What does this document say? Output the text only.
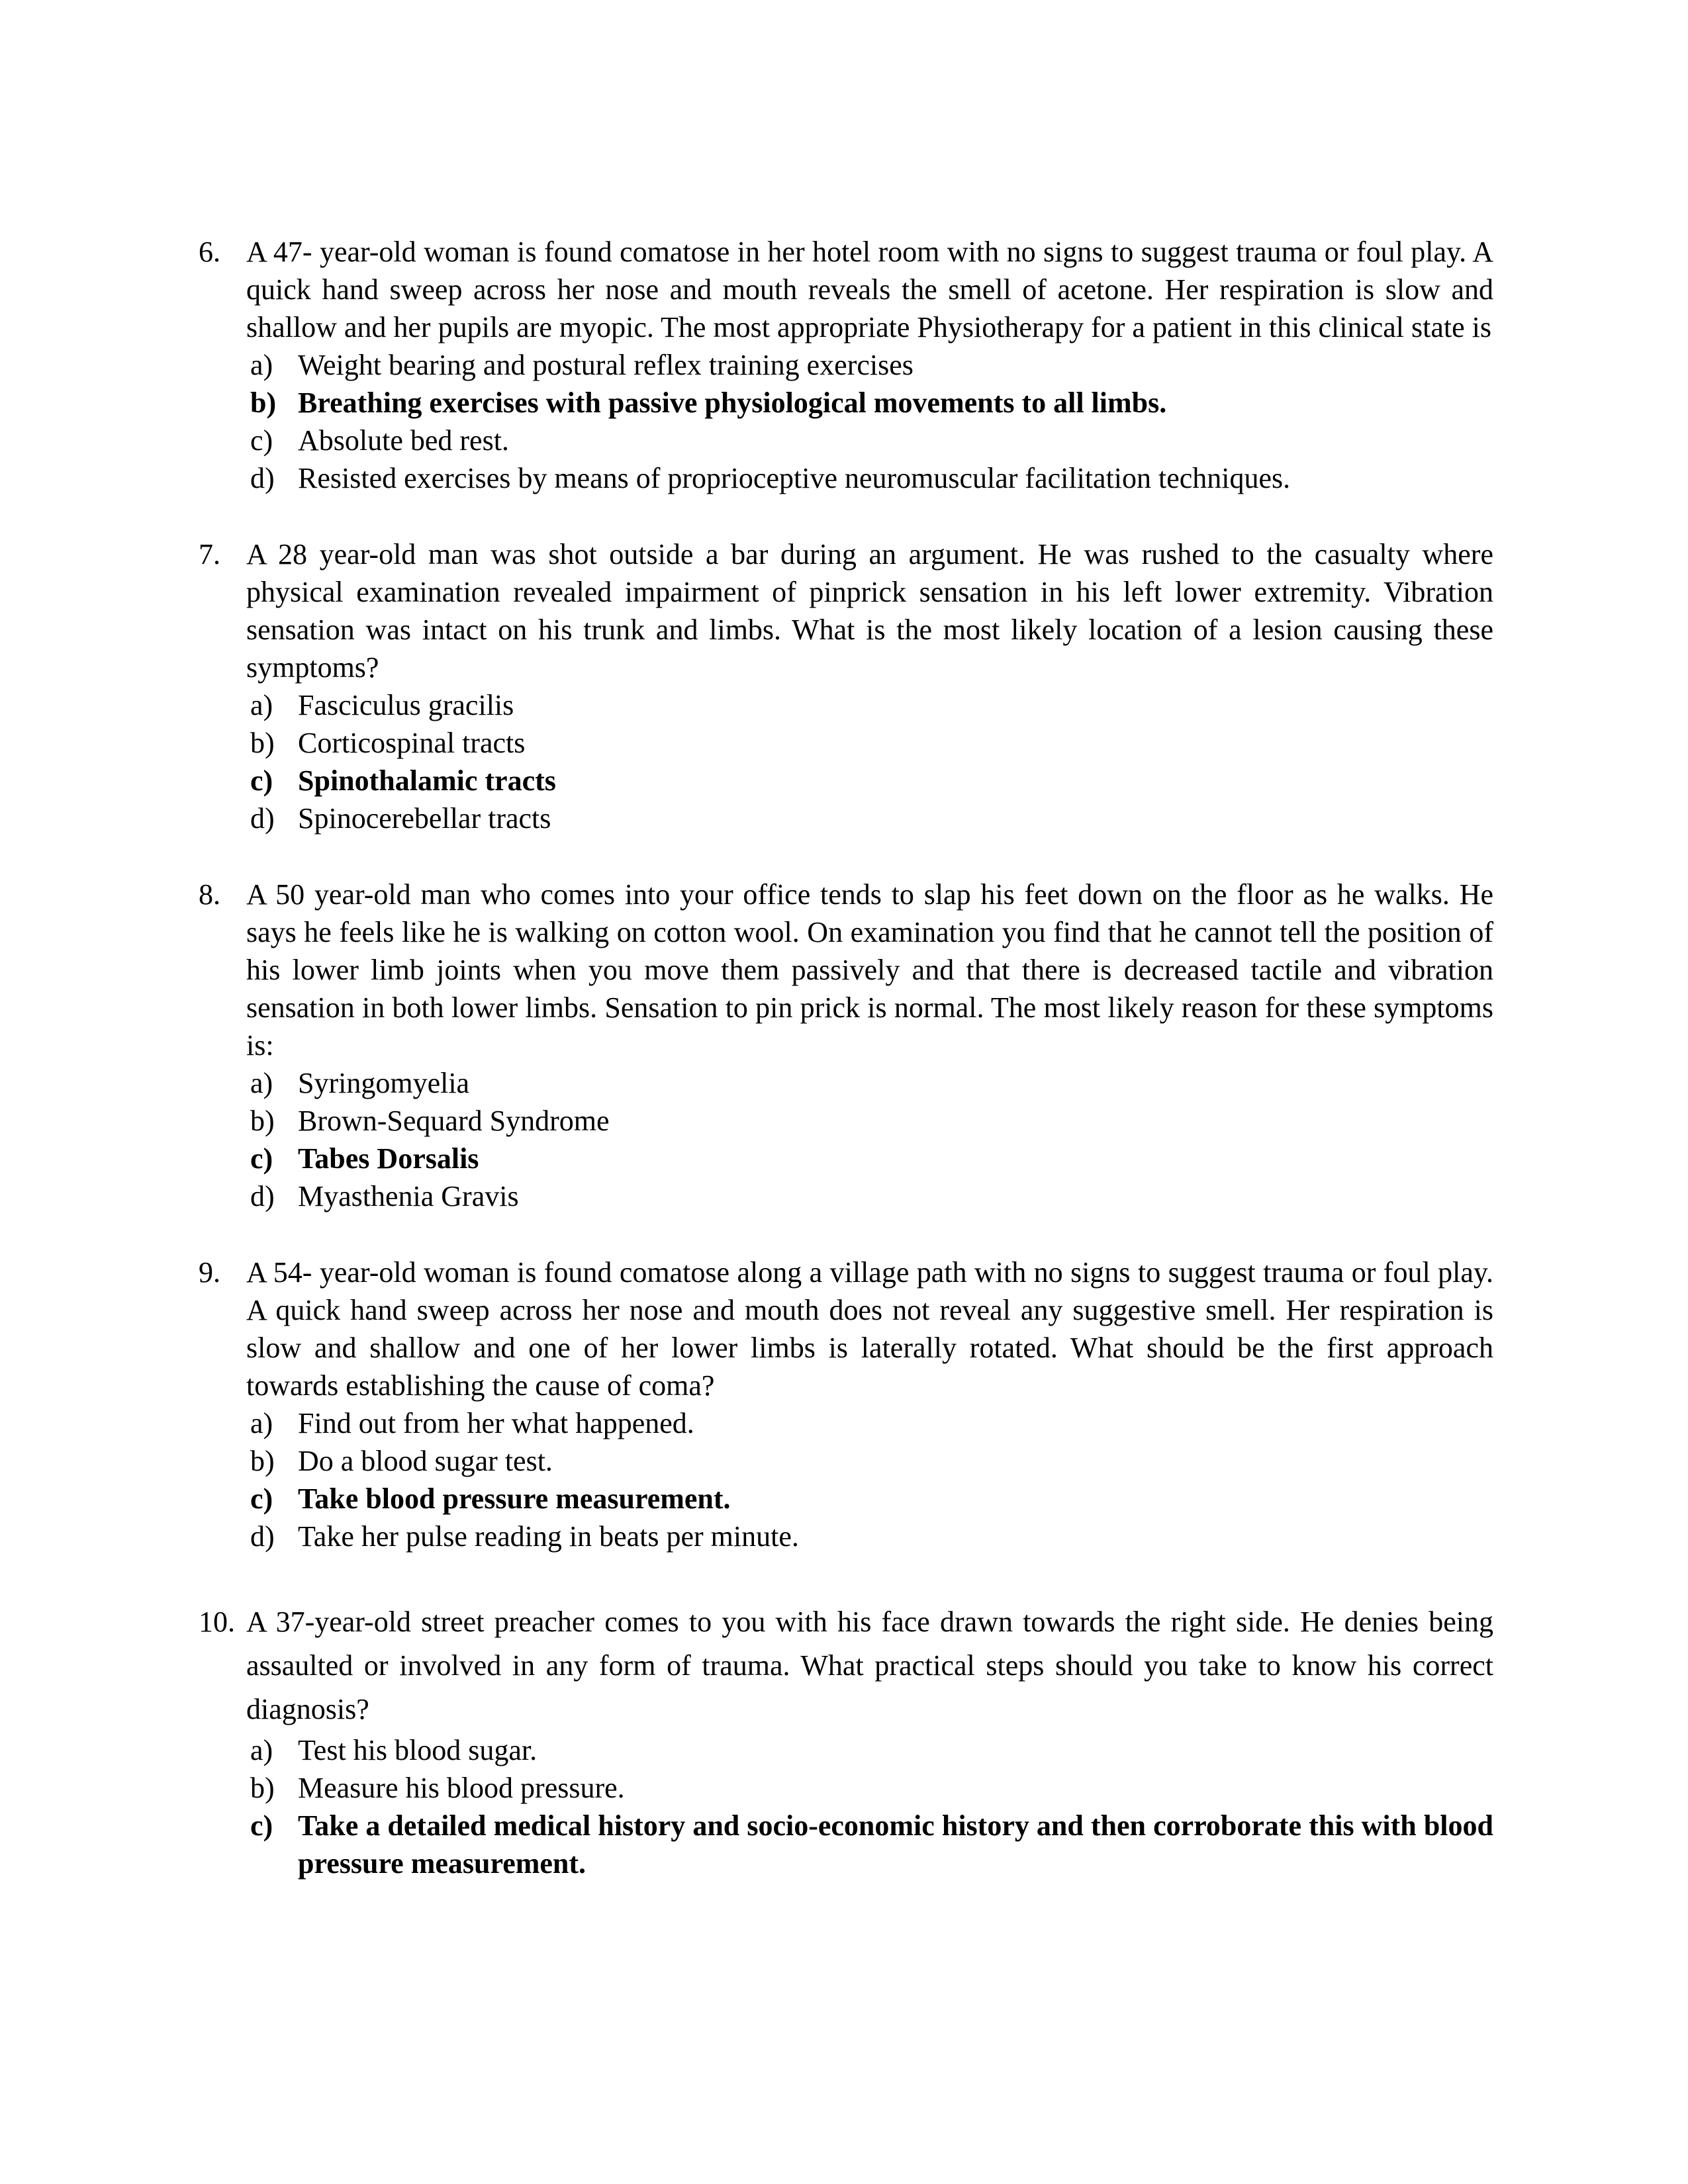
6. A 47- year-old woman is found comatose in her hotel room with no signs to suggest trauma or foul play. A quick hand sweep across her nose and mouth reveals the smell of acetone. Her respiration is slow and shallow and her pupils are myopic. The most appropriate Physiotherapy for a patient in this clinical state is

a) Weight bearing and postural reflex training exercises
b) Breathing exercises with passive physiological movements to all limbs.
c) Absolute bed rest.
d) Resisted exercises by means of proprioceptive neuromuscular facilitation techniques.
7. A 28 year-old man was shot outside a bar during an argument. He was rushed to the casualty where physical examination revealed impairment of pinprick sensation in his left lower extremity. Vibration sensation was intact on his trunk and limbs. What is the most likely location of a lesion causing these symptoms?

a) Fasciculus gracilis
b) Corticospinal tracts
c) Spinothalamic tracts
d) Spinocerebellar tracts
8. A 50 year-old man who comes into your office tends to slap his feet down on the floor as he walks. He says he feels like he is walking on cotton wool. On examination you find that he cannot tell the position of his lower limb joints when you move them passively and that there is decreased tactile and vibration sensation in both lower limbs. Sensation to pin prick is normal. The most likely reason for these symptoms is:

a) Syringomyelia
b) Brown-Sequard Syndrome
c) Tabes Dorsalis
d) Myasthenia Gravis
9. A 54- year-old woman is found comatose along a village path with no signs to suggest trauma or foul play. A quick hand sweep across her nose and mouth does not reveal any suggestive smell. Her respiration is slow and shallow and one of her lower limbs is laterally rotated. What should be the first approach towards establishing the cause of coma?

a) Find out from her what happened.
b) Do a blood sugar test.
c) Take blood pressure measurement.
d) Take her pulse reading in beats per minute.
10. A 37-year-old street preacher comes to you with his face drawn towards the right side. He denies being assaulted or involved in any form of trauma. What practical steps should you take to know his correct diagnosis?

a) Test his blood sugar.
b) Measure his blood pressure.
c) Take a detailed medical history and socio-economic history and then corroborate this with blood pressure measurement.
